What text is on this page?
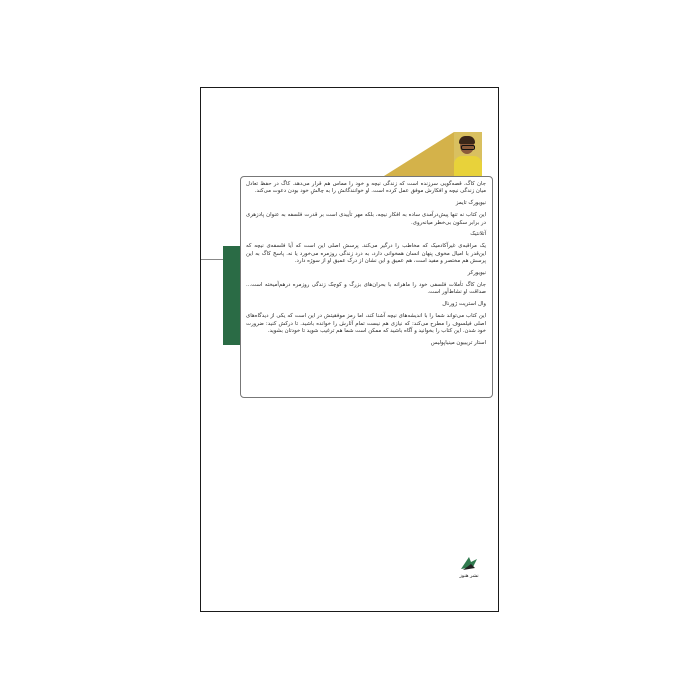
جان کاگ، قصه‌گویی سرزنده است که زندگی نیچه و خود را مماس هم قرار می‌دهد. کاگ در حفظ تعادل میان زندگی نیچه و افکارش موفق عمل کرده است. او خوانندگانش را به چالشِ خود بودن دعوت می‌کند.

نیویورک تایمز

این کتاب نه تنها پیش‌درآمدی ساده به افکار نیچه، بلکه مهر تأییدی است بر قدرت فلسفه به عنوان پادزهری در برابر سکون بی‌خطر میانه‌روی.

آتلانتیک

یک مراقبه‌ی غیرآکادمیک که مخاطب را درگیر می‌کند. پرسش اصلی این است که آیا فلسفه‌ی نیچه که این‌قدر با امیال مخوف پنهان انسان همخوانی دارد، به درد زندگی روزمره می‌خورد یا نه. پاسخ کاگ به این پرسش هم مختصر و مفید است، هم عمیق و این نشان از درک عمیق او از سوژه دارد.

نیویورکر

جان کاگ تأملات فلسفی خود را ماهرانه با بحران‌های بزرگ و کوچک زندگی روزمره درهم‌آمیخته است... صداقت او نشاط‌آور است.

وال استریت ژورنال

این کتاب می‌تواند شما را با اندیشه‌های نیچه آشنا کند، اما رمز موفقیتش در این است که یکی از دیدگاه‌های اصلی فیلسوف را مطرح می‌کند: که نیازی هم نیست تمام آثارش را خوانده باشید. تا درکش کنید: ضرورت خود شدن. این کتاب را بخوانید و آگاه باشید که ممکن است شما هم ترغیب شوید تا خودتان بشوید.

استار تریبیون مینیاپولیس

نشر هنوز
